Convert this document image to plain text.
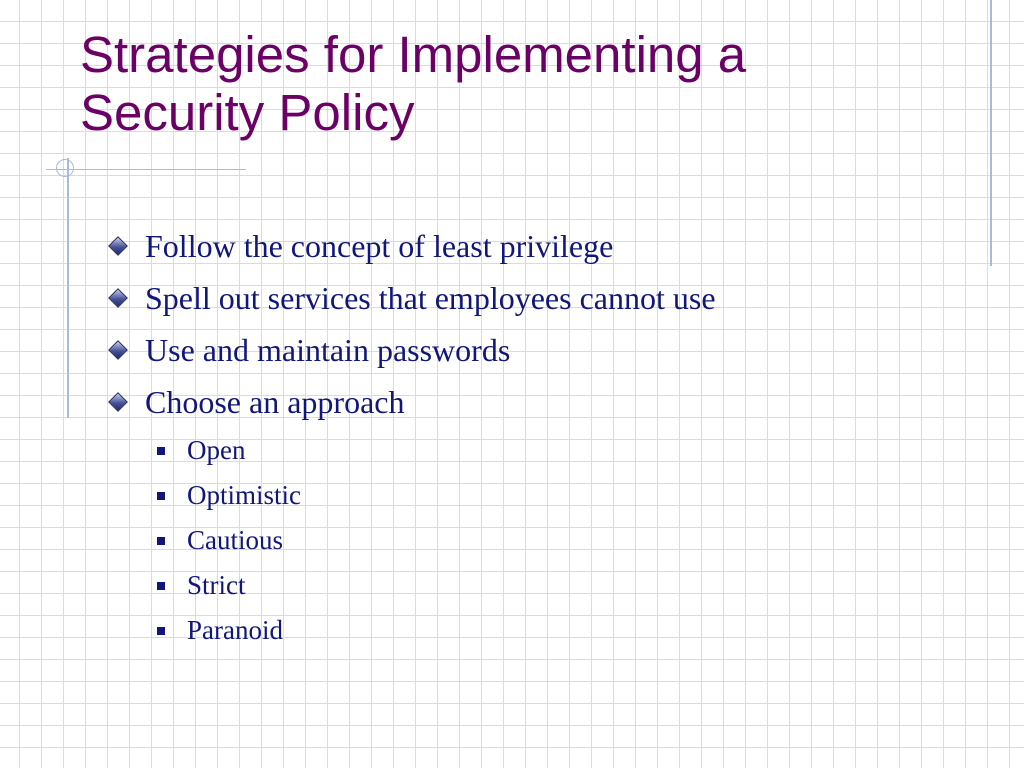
Strategies for Implementing a
Security Policy
Follow the concept of least privilege
Spell out services that employees cannot use
Use and maintain passwords
Choose an approach
Open
Optimistic
Cautious
Strict
Paranoid
